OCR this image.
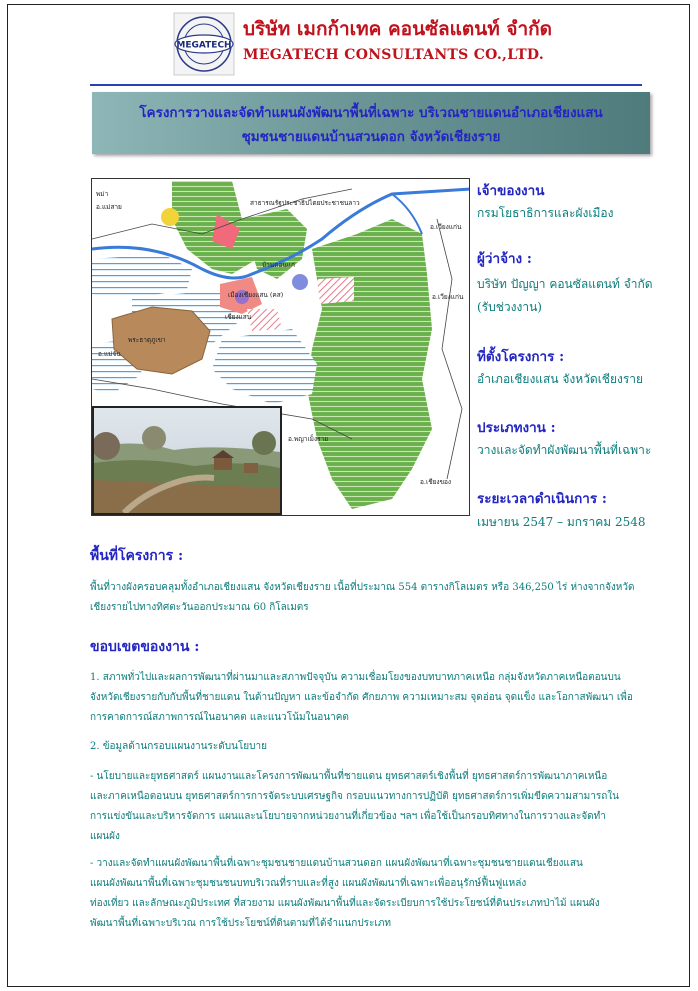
MEGATECH
บริษัท เมกก้าเทค คอนซัลแตนท์ จำกัด
MEGATECH CONSULTANTS CO.,LTD.
โครงการวางและจัดทำแผนผังพัฒนาพื้นที่เฉพาะ บริเวณชายแดนอำเภอเชียงแสน
ชุมชนชายแดนบ้านสวนดอก จังหวัดเชียงราย
สาธารณรัฐประชาธิปไตยประชาชนลาว
พม่า
อ.แม่สาย
บ้านดอนแก่
เมืองเชียงแสน (คส)
เชียงแสน
พระธาตุภูเขา
อ.แม่จัน
อ.เชียงของ
อ.เวียงแก่น
อ.เวียงแก่น
อ.พญาเม็งราย
เจ้าของงาน
กรมโยธาธิการและผังเมือง
ผู้ว่าจ้าง :
บริษัท ปัญญา คอนซัลแตนท์ จำกัด
(รับช่วงงาน)
ที่ตั้งโครงการ :
อำเภอเชียงแสน จังหวัดเชียงราย
ประเภทงาน :
วางและจัดทำผังพัฒนาพื้นที่เฉพาะ
ระยะเวลาดำเนินการ :
เมษายน 2547 – มกราคม 2548
พื้นที่โครงการ :
พื้นที่วางผังครอบคลุมทั้งอำเภอเชียงแสน จังหวัดเชียงราย เนื้อที่ประมาณ 554 ตารางกิโลเมตร หรือ 346,250 ไร่ ห่างจากจังหวัด
เชียงรายไปทางทิศตะวันออกประมาณ 60 กิโลเมตร
ขอบเขตของงาน :
1. สภาพทั่วไปและผลการพัฒนาที่ผ่านมาและสภาพปัจจุบัน ความเชื่อมโยงของบทบาทภาคเหนือ กลุ่มจังหวัดภาคเหนือตอนบน
จังหวัดเชียงรายกับกับพื้นที่ชายแดน ในด้านปัญหา และข้อจำกัด ศักยภาพ ความเหมาะสม จุดอ่อน จุดแข็ง และโอกาสพัฒนา เพื่อ
การคาดการณ์สภาพการณ์ในอนาคต และแนวโน้มในอนาคต
2. ข้อมูลด้านกรอบแผนงานระดับนโยบาย
- นโยบายและยุทธศาสตร์ แผนงานและโครงการพัฒนาพื้นที่ชายแดน ยุทธศาสตร์เชิงพื้นที่ ยุทธศาสตร์การพัฒนาภาคเหนือ
และภาคเหนือตอนบน ยุทธศาสตร์การการจัดระบบเศรษฐกิจ กรอบแนวทางการปฏิบัติ ยุทธศาสตร์การเพิ่มขีดความสามารถใน
การแข่งขันและบริหารจัดการ แผนและนโยบายจากหน่วยงานที่เกี่ยวข้อง ฯลฯ เพื่อใช้เป็นกรอบทิศทางในการวางและจัดทำ
แผนผัง
- วางและจัดทำแผนผังพัฒนาพื้นที่เฉพาะชุมชนชายแดนบ้านสวนดอก แผนผังพัฒนาที่เฉพาะชุมชนชายแดนเชียงแสน
แผนผังพัฒนาพื้นที่เฉพาะชุมชนชนบทบริเวณที่ราบและที่สูง แผนผังพัฒนาที่เฉพาะเพื่ออนุรักษ์ฟื้นฟูแหล่ง
ท่องเที่ยว และลักษณะภูมิประเทศ ที่สวยงาม แผนผังพัฒนาพื้นที่และจัดระเบียบการใช้ประโยชน์ที่ดินประเภทป่าไม้ แผนผัง
พัฒนาพื้นที่เฉพาะบริเวณ การใช้ประโยชน์ที่ดินตามที่ได้จำแนกประเภท
